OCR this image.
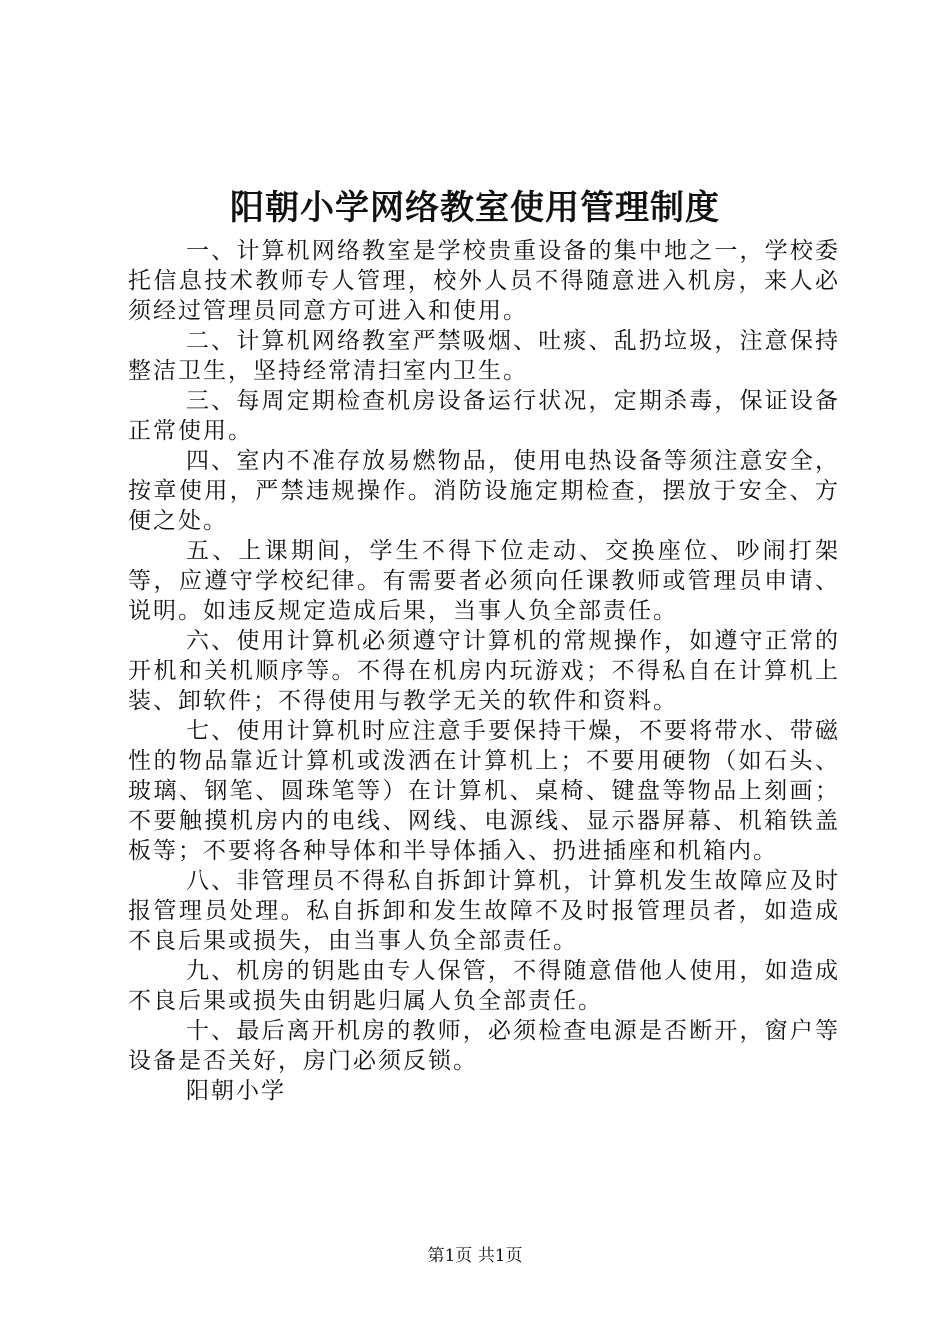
阳朝小学网络教室使用管理制度

一、计算机网络教室是学校贵重设备的集中地之一，学校委托信息技术教师专人管理，校外人员不得随意进入机房，来人必须经过管理员同意方可进入和使用。

二、计算机网络教室严禁吸烟、吐痰、乱扔垃圾，注意保持整洁卫生，坚持经常清扫室内卫生。

三、每周定期检查机房设备运行状况，定期杀毒，保证设备正常使用。

四、室内不准存放易燃物品，使用电热设备等须注意安全，按章使用，严禁违规操作。消防设施定期检查，摆放于安全、方便之处。

五、上课期间，学生不得下位走动、交换座位、吵闹打架等，应遵守学校纪律。有需要者必须向任课教师或管理员申请、说明。如违反规定造成后果，当事人负全部责任。

六、使用计算机必须遵守计算机的常规操作，如遵守正常的开机和关机顺序等。不得在机房内玩游戏；不得私自在计算机上装、卸软件；不得使用与教学无关的软件和资料。

七、使用计算机时应注意手要保持干燥，不要将带水、带磁性的物品靠近计算机或泼洒在计算机上；不要用硬物（如石头、玻璃、钢笔、圆珠笔等）在计算机、桌椅、键盘等物品上刻画；不要触摸机房内的电线、网线、电源线、显示器屏幕、机箱铁盖板等；不要将各种导体和半导体插入、扔进插座和机箱内。

八、非管理员不得私自拆卸计算机，计算机发生故障应及时报管理员处理。私自拆卸和发生故障不及时报管理员者，如造成不良后果或损失，由当事人负全部责任。

九、机房的钥匙由专人保管，不得随意借他人使用，如造成不良后果或损失由钥匙归属人负全部责任。

十、最后离开机房的教师，必须检查电源是否断开，窗户等设备是否关好，房门必须反锁。

阳朝小学

第1页 共1页
